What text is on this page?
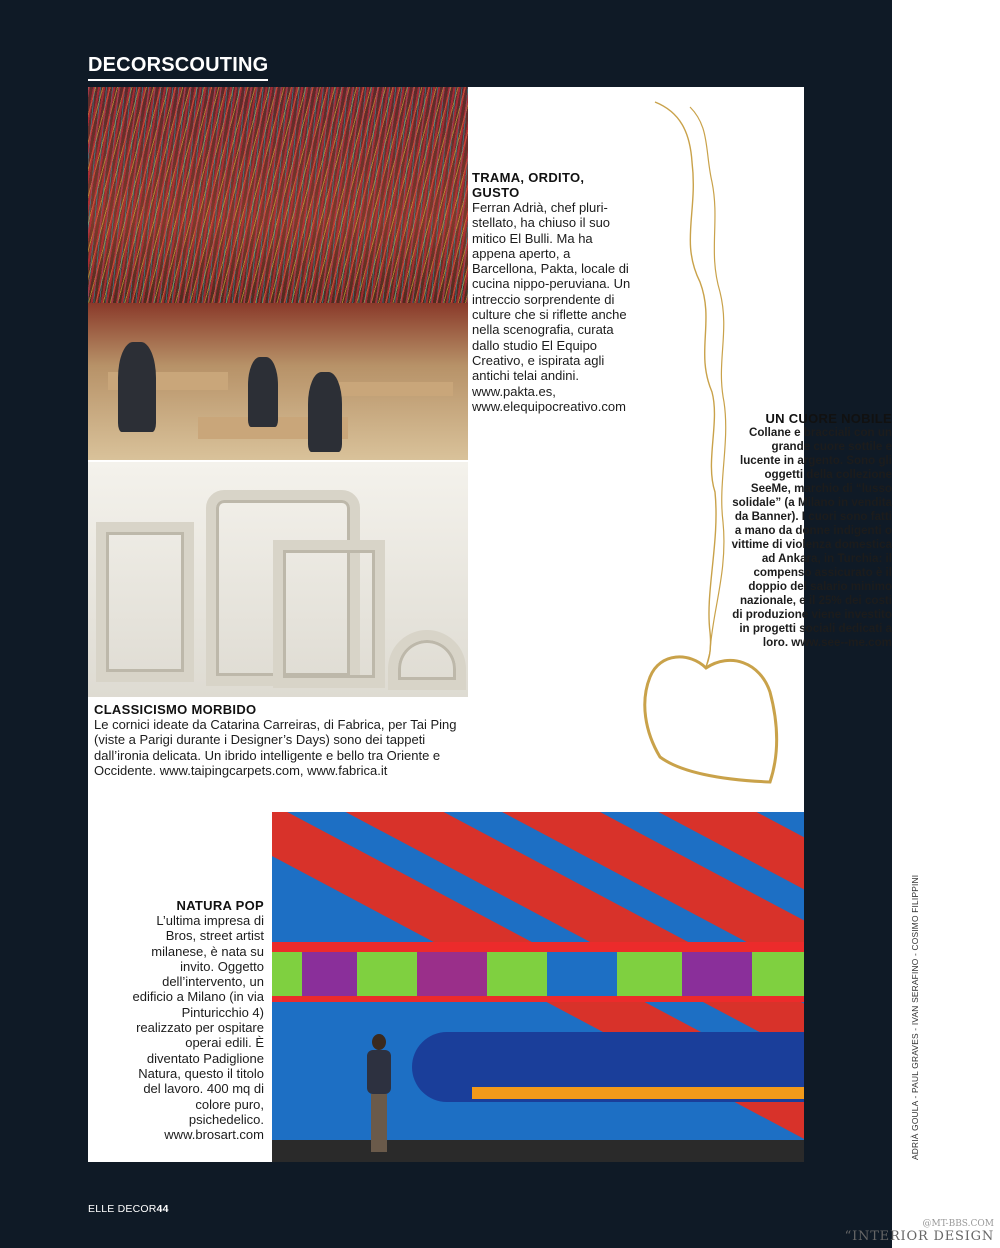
DECORSCOUTING
TRAMA, ORDITO, GUSTO

Ferran Adrià, chef pluri-stellato, ha chiuso il suo mitico El Bulli. Ma ha appena aperto, a Barcellona, Pakta, locale di cucina nippo-peruviana. Un intreccio sorprendente di culture che si riflette anche nella scenografia, curata dallo studio El Equipo Creativo, e ispirata agli antichi telai andini. www.pakta.es, www.elequipocreativo.com

UN CUORE NOBILE

Collane e bracciali con un grande cuore sottile e lucente in argento. Sono gli oggetti della collezione SeeMe, marchio di “lusso solidale” (a Milano in vendita da Banner). I cuori sono fatti a mano da donne indigenti o vittime di violenza domestica ad Ankara, in Turchia: il compenso assicurato è il doppio del salario minimo nazionale, e il 25% dei costi di produzione viene investito in progetti sociali dedicati a loro. www.see--me.com

CLASSICISMO MORBIDO

Le cornici ideate da Catarina Carreiras, di Fabrica, per Tai Ping (viste a Parigi durante i Designer’s Days) sono dei tappeti dall’ironia delicata. Un ibrido intelligente e bello tra Oriente e Occidente. www.taipingcarpets.com, www.fabrica.it

NATURA POP

L’ultima impresa di Bros, street artist milanese, è nata su invito. Oggetto dell’intervento, un edificio a Milano (in via Pinturicchio 4) realizzato per ospitare operai edili. È diventato Padiglione Natura, questo il titolo del lavoro. 400 mq di colore puro, psichedelico. www.brosart.com	ADRIÀ GOULA - PAUL GRAVES - IVAN SERAFINO - COSIMO FILIPPINI
ELLE DECOR44
@MT-BBS.COM
“INTERIOR DESIGN
